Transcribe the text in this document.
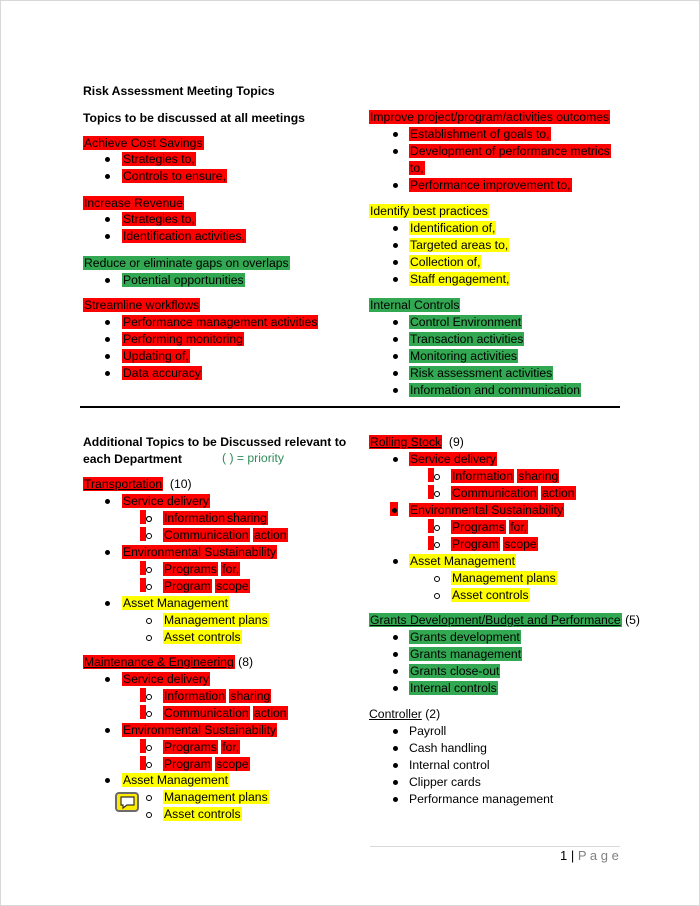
Risk Assessment Meeting Topics
Topics to be discussed at all meetings
Achieve Cost Savings
Strategies to,
Controls to ensure,
Increase Revenue
Strategies to,
Identification activities,
Reduce or eliminate gaps on overlaps
Potential opportunities
Streamline workflows
Performance management activities
Performing monitoring
Updating of,
Data accuracy
Improve project/program/activities outcomes
Establishment of goals to,
Development of performance metrics
to,
Performance improvement to,
Identify best practices
Identification of,
Targeted areas to,
Collection of,
Staff engagement,
Internal Controls
Control Environment
Transaction activities
Monitoring activities
Risk assessment activities
Information and communication
Additional Topics to be Discussed relevant to
each Department	( ) = priority
Transportation (10)
Service delivery
Information sharing
Communication action
Environmental Sustainability
Programs for,
Program scope
Asset Management
Management plans
Asset controls
Maintenance & Engineering (8)
Service delivery
Information sharing
Communication action
Environmental Sustainability
Programs for,
Program scope
Asset Management
Management plans
Asset controls
Rolling Stock (9)
Service delivery
Information sharing
Communication action
Environmental Sustainability
Programs for,
Program scope
Asset Management
Management plans
Asset controls
Grants Development/Budget and Performance (5)
Grants development
Grants management
Grants close-out
Internal controls
Controller (2)
Payroll
Cash handling
Internal control
Clipper cards
Performance management
1 | P a g e
